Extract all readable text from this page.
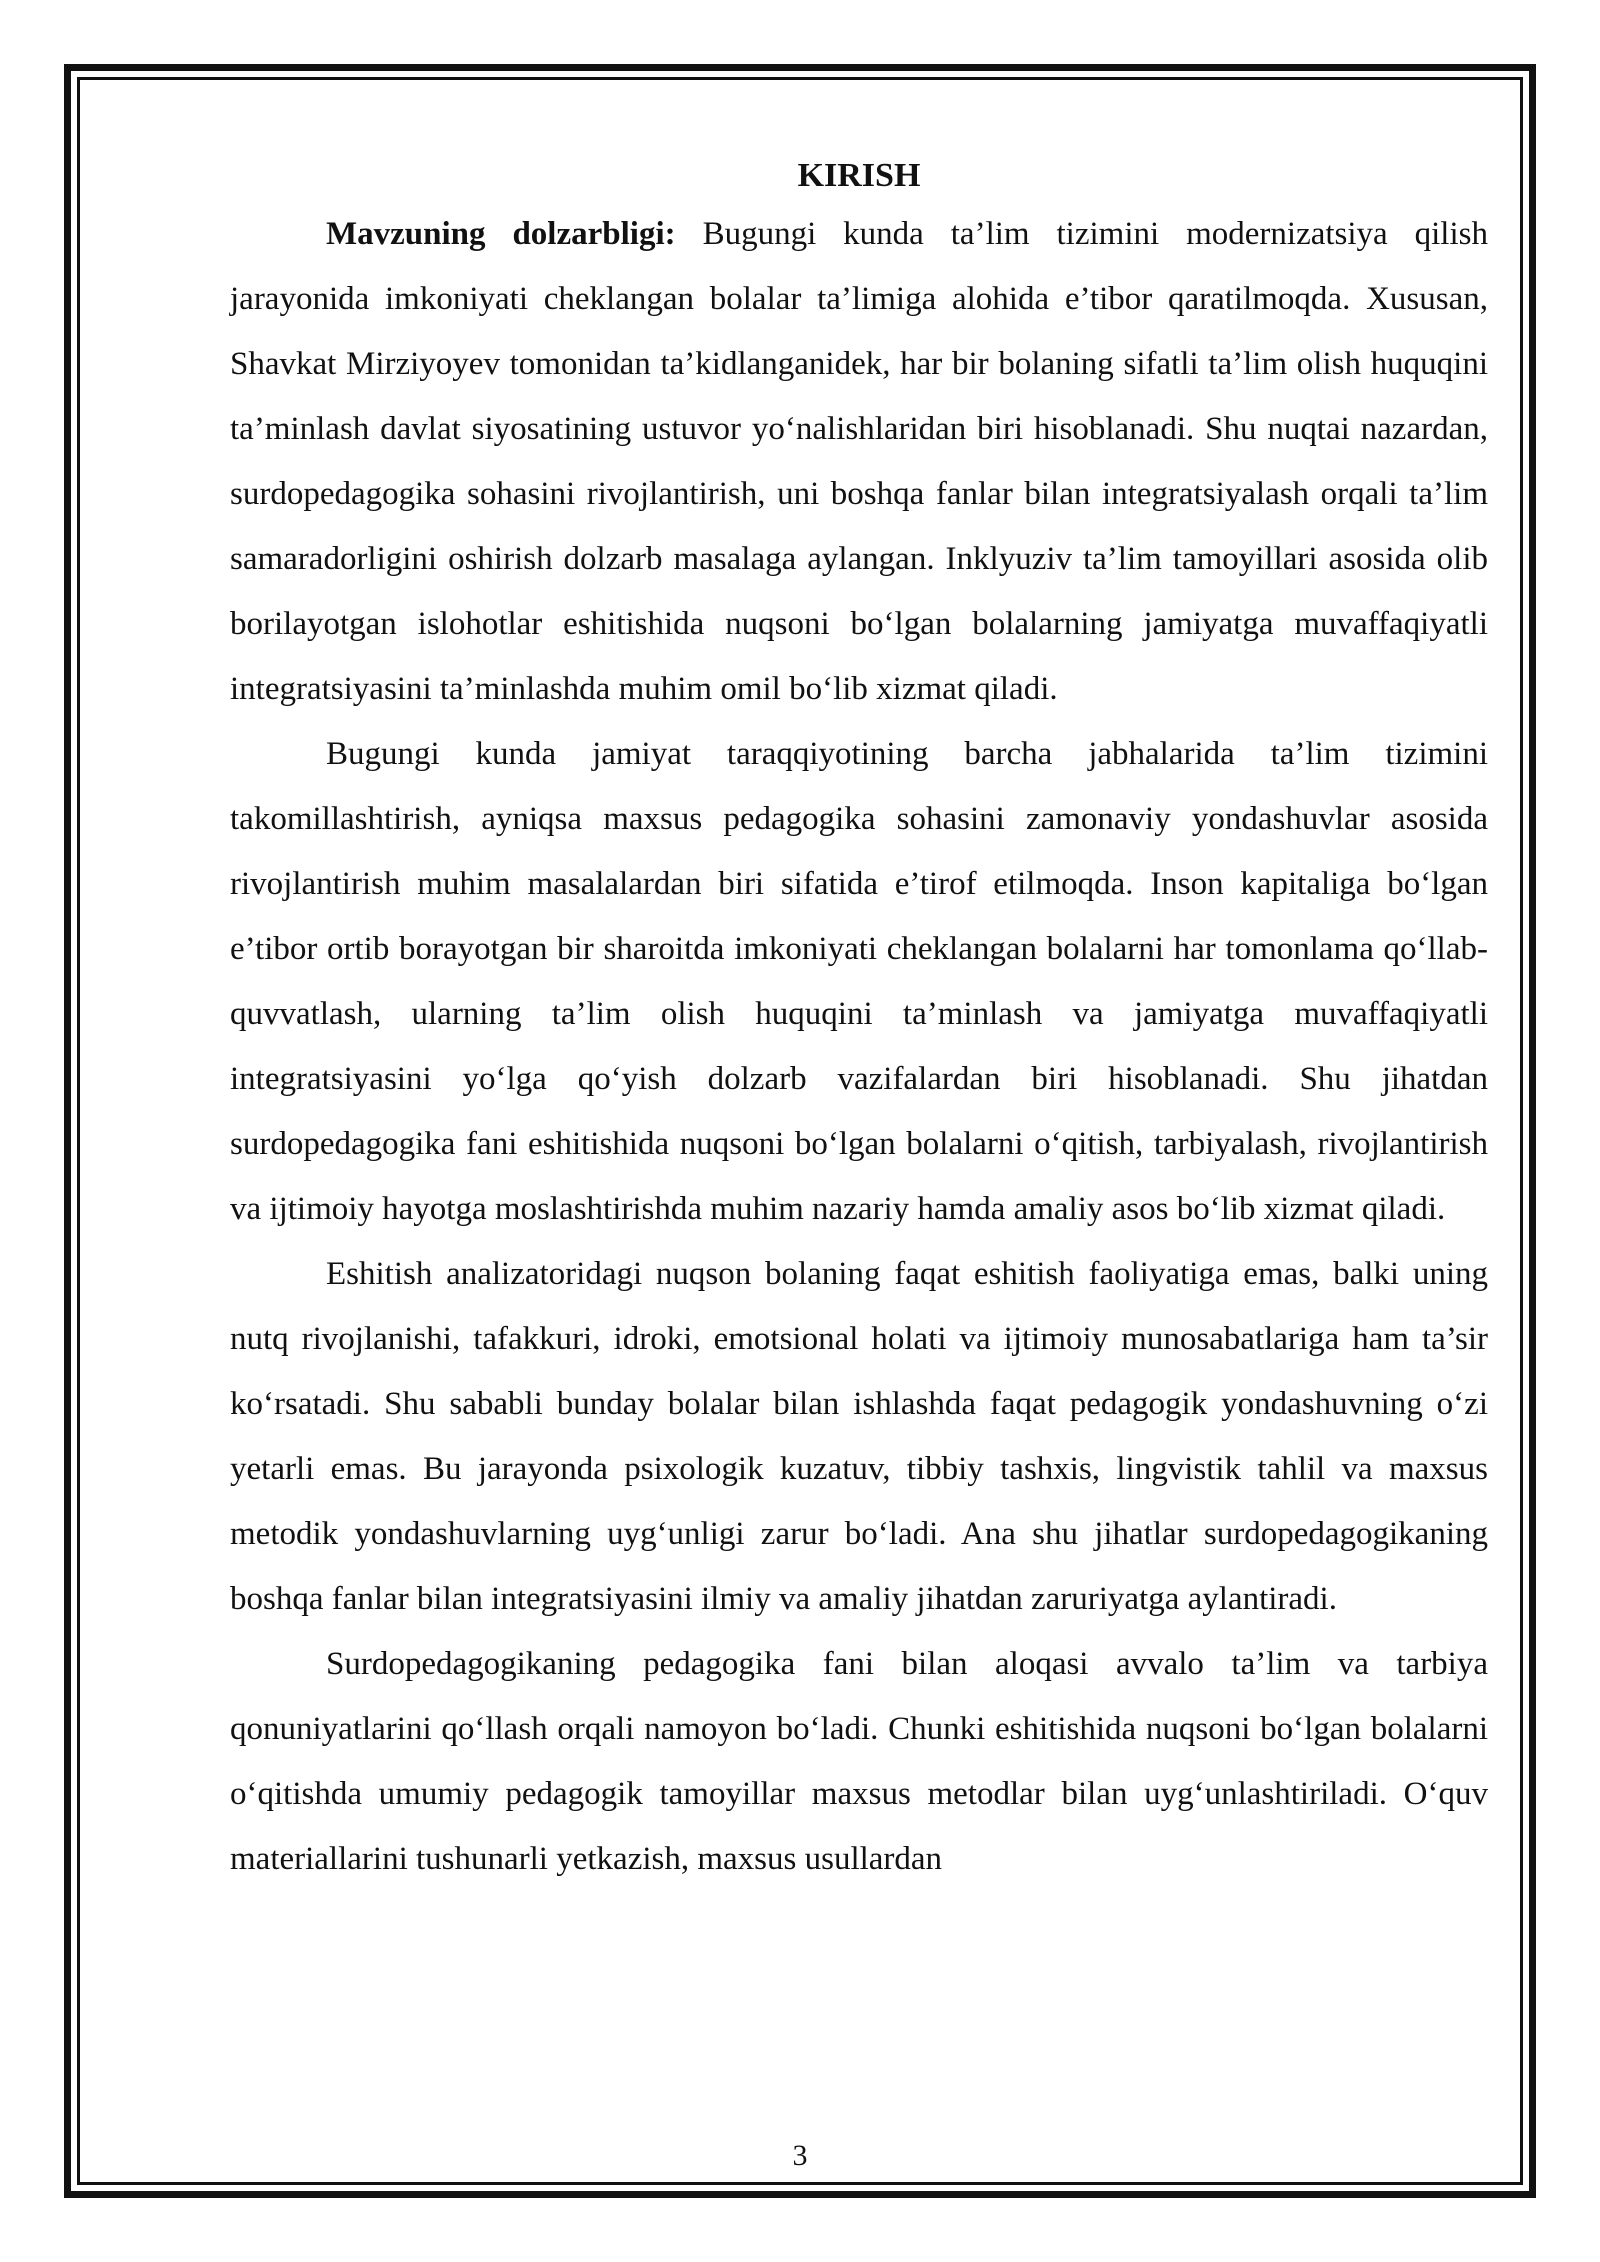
KIRISH

Mavzuning dolzarbligi: Bugungi kunda ta’lim tizimini modernizatsiya qilish jarayonida imkoniyati cheklangan bolalar ta’limiga alohida e’tibor qaratilmoqda. Xususan, Shavkat Mirziyoyev tomonidan ta’kidlanganidek, har bir bolaning sifatli ta’lim olish huquqini ta’minlash davlat siyosatining ustuvor yo‘nalishlaridan biri hisoblanadi. Shu nuqtai nazardan, surdopedagogika sohasini rivojlantirish, uni boshqa fanlar bilan integratsiyalash orqali ta’lim samaradorligini oshirish dolzarb masalaga aylangan. Inklyuziv ta’lim tamoyillari asosida olib borilayotgan islohotlar eshitishida nuqsoni bo‘lgan bolalarning jamiyatga muvaffaqiyatli integratsiyasini ta’minlashda muhim omil bo‘lib xizmat qiladi.

Bugungi kunda jamiyat taraqqiyotining barcha jabhalarida ta’lim tizimini takomillashtirish, ayniqsa maxsus pedagogika sohasini zamonaviy yondashuvlar asosida rivojlantirish muhim masalalardan biri sifatida e’tirof etilmoqda. Inson kapitaliga bo‘lgan e’tibor ortib borayotgan bir sharoitda imkoniyati cheklangan bolalarni har tomonlama qo‘llab-quvvatlash, ularning ta’lim olish huquqini ta’minlash va jamiyatga muvaffaqiyatli integratsiyasini yo‘lga qo‘yish dolzarb vazifalardan biri hisoblanadi. Shu jihatdan surdopedagogika fani eshitishida nuqsoni bo‘lgan bolalarni o‘qitish, tarbiyalash, rivojlantirish va ijtimoiy hayotga moslashtirishda muhim nazariy hamda amaliy asos bo‘lib xizmat qiladi.

Eshitish analizatoridagi nuqson bolaning faqat eshitish faoliyatiga emas, balki uning nutq rivojlanishi, tafakkuri, idroki, emotsional holati va ijtimoiy munosabatlariga ham ta’sir ko‘rsatadi. Shu sababli bunday bolalar bilan ishlashda faqat pedagogik yondashuvning o‘zi yetarli emas. Bu jarayonda psixologik kuzatuv, tibbiy tashxis, lingvistik tahlil va maxsus metodik yondashuvlarning uyg‘unligi zarur bo‘ladi. Ana shu jihatlar surdopedagogikaning boshqa fanlar bilan integratsiyasini ilmiy va amaliy jihatdan zaruriyatga aylantiradi.

Surdopedagogikaning pedagogika fani bilan aloqasi avvalo ta’lim va tarbiya qonuniyatlarini qo‘llash orqali namoyon bo‘ladi. Chunki eshitishida nuqsoni bo‘lgan bolalarni o‘qitishda umumiy pedagogik tamoyillar maxsus metodlar bilan uyg‘unlashtiriladi. O‘quv materiallarini tushunarli yetkazish, maxsus usullardan

3
